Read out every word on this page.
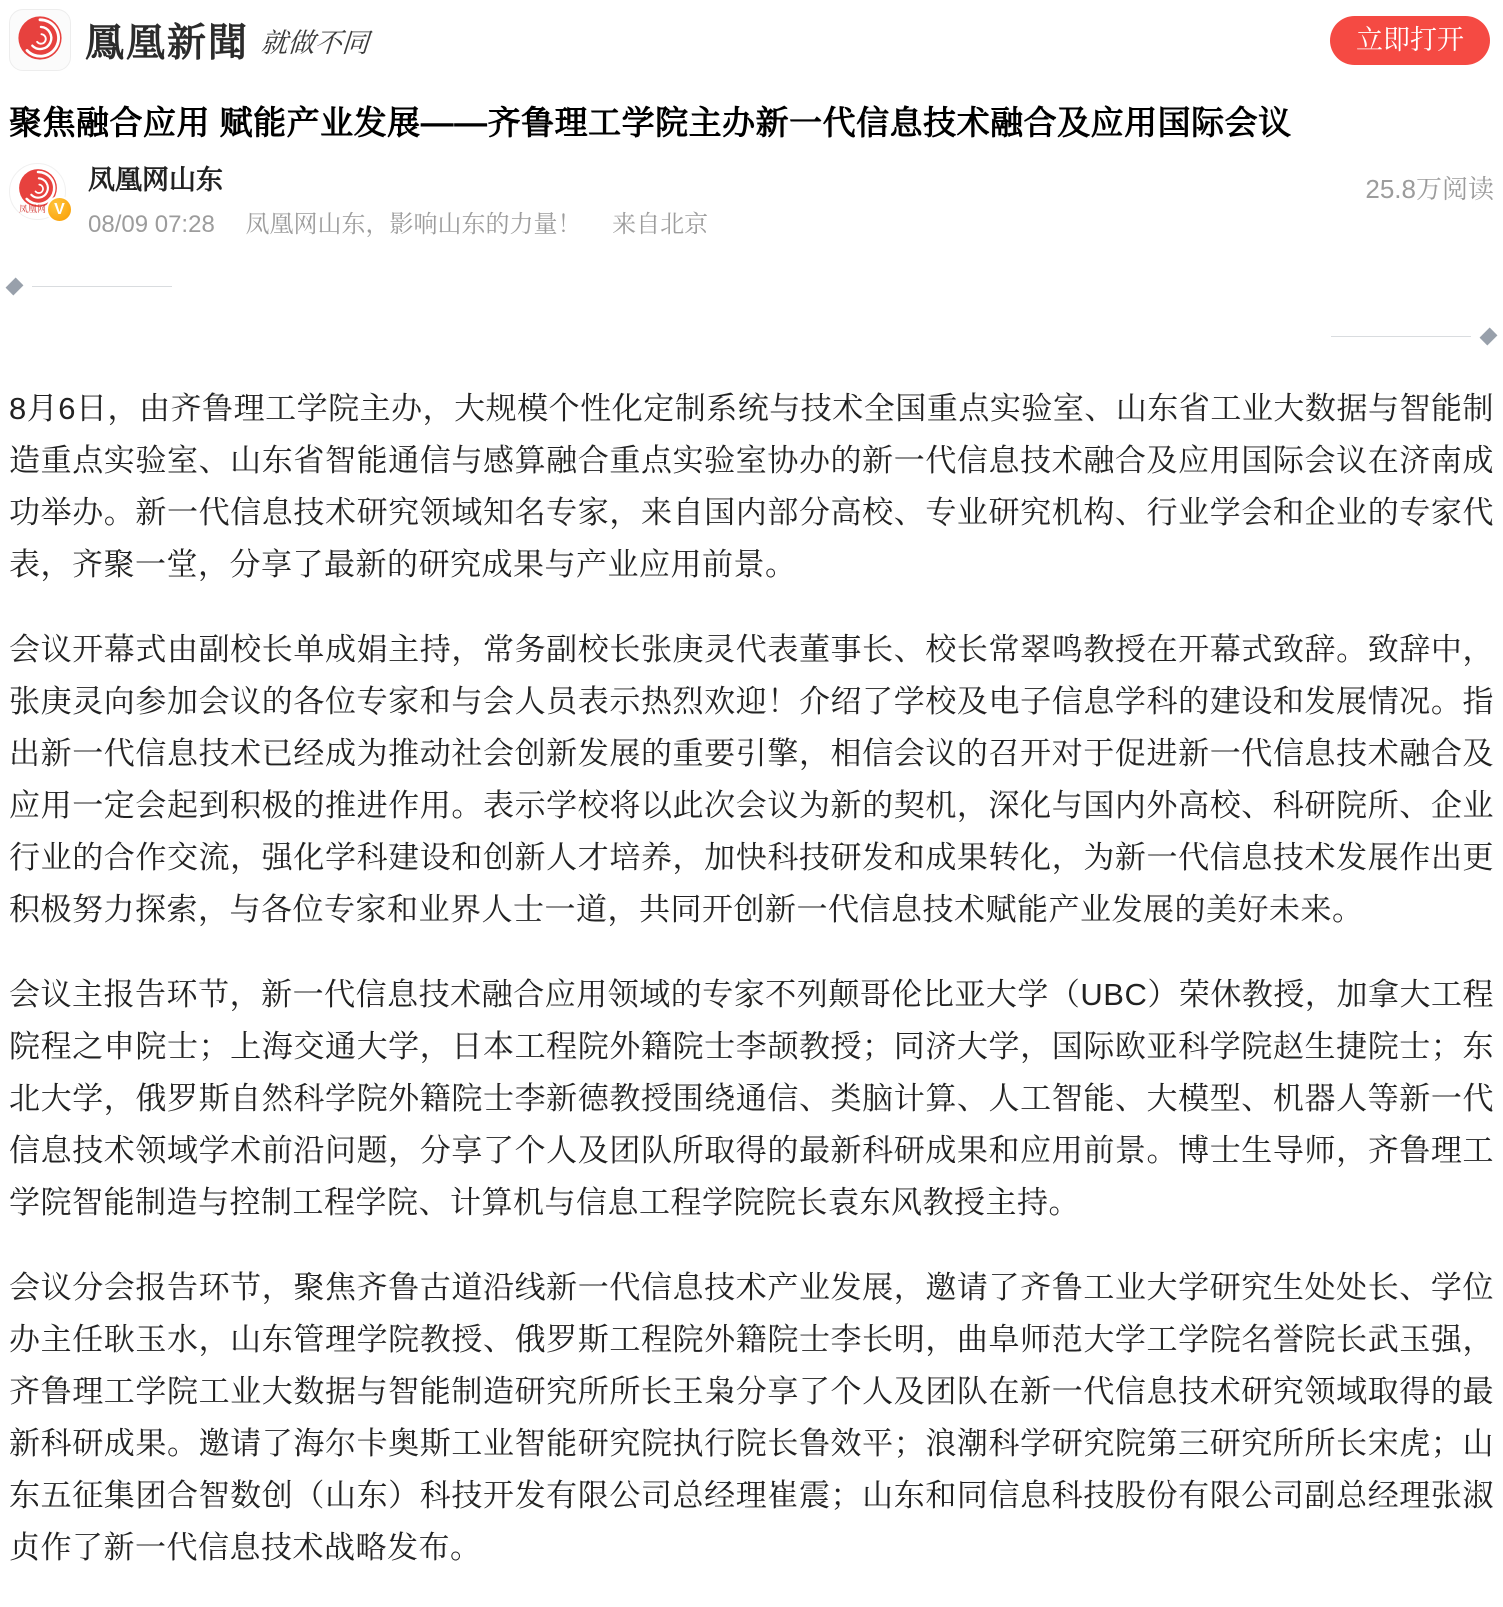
鳳凰新聞 就做不同	立即打开
聚焦融合应用 赋能产业发展——齐鲁理工学院主办新一代信息技术融合及应用国际会议
凤凰网 V
凤凰网山东
08/09 07:28 凤凰网山东，影响山东的力量！ 来自北京
25.8万阅读

8月6日，由齐鲁理工学院主办，大规模个性化定制系统与技术全国重点实验室、山东省工业大数据与智能制造重点实验室、山东省智能通信与感算融合重点实验室协办的新一代信息技术融合及应用国际会议在济南成功举办。新一代信息技术研究领域知名专家，来自国内部分高校、专业研究机构、行业学会和企业的专家代表，齐聚一堂，分享了最新的研究成果与产业应用前景。

会议开幕式由副校长单成娟主持，常务副校长张庚灵代表董事长、校长常翠鸣教授在开幕式致辞。致辞中，张庚灵向参加会议的各位专家和与会人员表示热烈欢迎！介绍了学校及电子信息学科的建设和发展情况。指出新一代信息技术已经成为推动社会创新发展的重要引擎，相信会议的召开对于促进新一代信息技术融合及应用一定会起到积极的推进作用。表示学校将以此次会议为新的契机，深化与国内外高校、科研院所、企业行业的合作交流，强化学科建设和创新人才培养，加快科技研发和成果转化，为新一代信息技术发展作出更积极努力探索，与各位专家和业界人士一道，共同开创新一代信息技术赋能产业发展的美好未来。

会议主报告环节，新一代信息技术融合应用领域的专家不列颠哥伦比亚大学（UBC）荣休教授，加拿大工程院程之申院士；上海交通大学，日本工程院外籍院士李颉教授；同济大学，国际欧亚科学院赵生捷院士；东北大学，俄罗斯自然科学院外籍院士李新德教授围绕通信、类脑计算、人工智能、大模型、机器人等新一代信息技术领域学术前沿问题，分享了个人及团队所取得的最新科研成果和应用前景。博士生导师，齐鲁理工学院智能制造与控制工程学院、计算机与信息工程学院院长袁东风教授主持。

会议分会报告环节，聚焦齐鲁古道沿线新一代信息技术产业发展，邀请了齐鲁工业大学研究生处处长、学位办主任耿玉水，山东管理学院教授、俄罗斯工程院外籍院士李长明，曲阜师范大学工学院名誉院长武玉强，齐鲁理工学院工业大数据与智能制造研究所所长王枭分享了个人及团队在新一代信息技术研究领域取得的最新科研成果。邀请了海尔卡奥斯工业智能研究院执行院长鲁效平；浪潮科学研究院第三研究所所长宋虎；山东五征集团合智数创（山东）科技开发有限公司总经理崔震；山东和同信息科技股份有限公司副总经理张淑贞作了新一代信息技术战略发布。
